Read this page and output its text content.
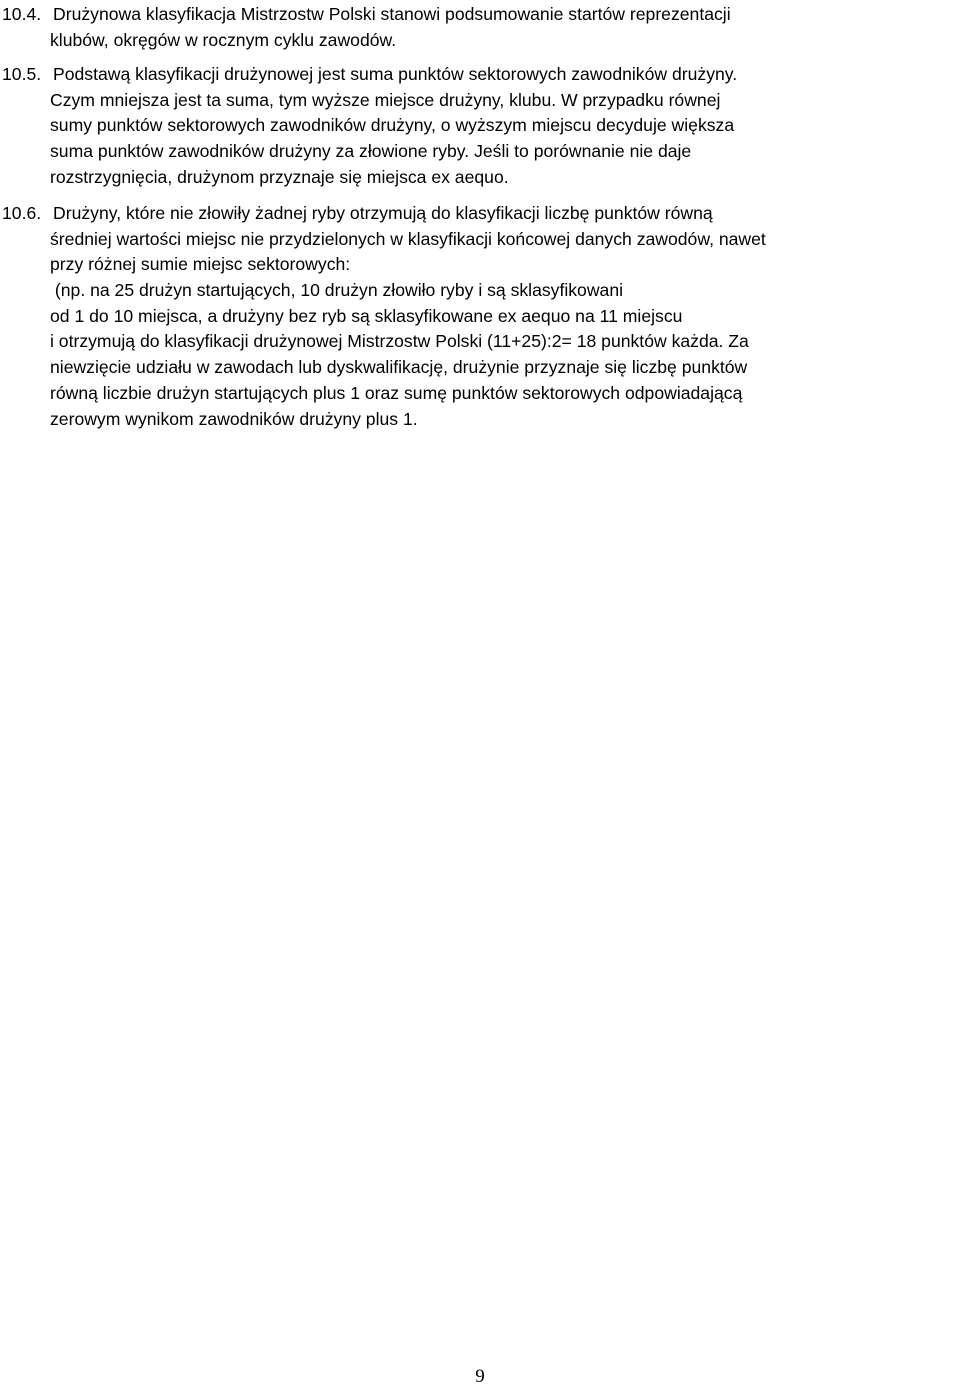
10.4. Drużynowa klasyfikacja Mistrzostw Polski stanowi podsumowanie startów reprezentacji
klubów, okręgów w rocznym cyklu zawodów.
10.5. Podstawą klasyfikacji drużynowej jest suma punktów sektorowych zawodników drużyny.
Czym mniejsza jest ta suma, tym wyższe miejsce drużyny, klubu. W przypadku równej
sumy punktów sektorowych zawodników drużyny, o wyższym miejscu decyduje większa
suma punktów zawodników drużyny za złowione ryby. Jeśli to porównanie nie daje
rozstrzygnięcia, drużynom przyznaje się miejsca ex aequo.
10.6. Drużyny, które nie złowiły żadnej ryby otrzymują do klasyfikacji liczbę punktów równą
średniej wartości miejsc nie przydzielonych w klasyfikacji końcowej danych zawodów, nawet
przy różnej sumie miejsc sektorowych:
(np. na 25 drużyn startujących, 10 drużyn złowiło ryby i są sklasyfikowani
od 1 do 10 miejsca, a drużyny bez ryb są sklasyfikowane ex aequo na 11 miejscu
i otrzymują do klasyfikacji drużynowej Mistrzostw Polski (11+25):2= 18 punktów każda. Za
niewzięcie udziału w zawodach lub dyskwalifikację, drużynie przyznaje się liczbę punktów
równą liczbie drużyn startujących plus 1 oraz sumę punktów sektorowych odpowiadającą
zerowym wynikom zawodników drużyny plus 1.
9
